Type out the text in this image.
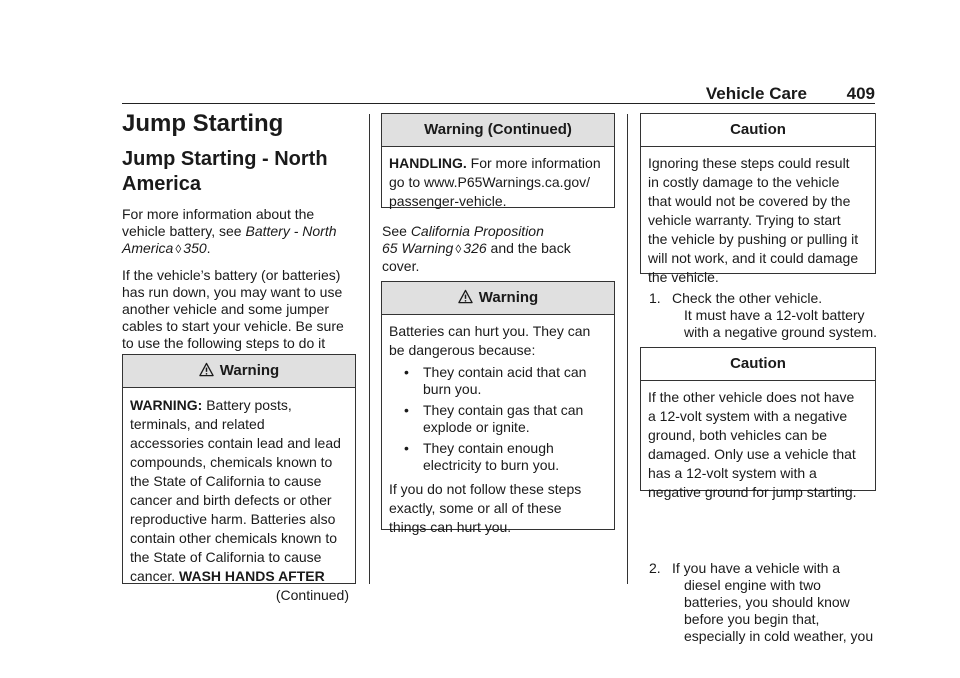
Vehicle Care 409
Jump Starting
Jump Starting - North
America

For more information about the
vehicle battery, see Battery - North
America ◊ 350.

If the vehicle’s battery (or batteries)
has run down, you may want to use
another vehicle and some jumper
cables to start your vehicle. Be sure
to use the following steps to do it

Warning
WARNING: Battery posts,
terminals, and related
accessories contain lead and lead
compounds, chemicals known to
the State of California to cause
cancer and birth defects or other
reproductive harm. Batteries also
contain other chemicals known to
the State of California to cause
cancer. WASH HANDS AFTER
(Continued)
Warning (Continued)
HANDLING. For more information
go to www.P65Warnings.ca.gov/
passenger-vehicle.
See California Proposition
65 Warning ◊ 326 and the back
cover.
Warning
Batteries can hurt you. They can
be dangerous because:
• They contain acid that can
burn you.
• They contain gas that can
explode or ignite.
• They contain enough
electricity to burn you.
If you do not follow these steps
exactly, some or all of these
things can hurt you.
Caution
Ignoring these steps could result
in costly damage to the vehicle
that would not be covered by the
vehicle warranty. Trying to start
the vehicle by pushing or pulling it
will not work, and it could damage
the vehicle.
1. Check the other vehicle.
It must have a 12-volt battery
with a negative ground system.
Caution
If the other vehicle does not have
a 12-volt system with a negative
ground, both vehicles can be
damaged. Only use a vehicle that
has a 12-volt system with a
negative ground for jump starting.
2. If you have a vehicle with a
diesel engine with two
batteries, you should know
before you begin that,
especially in cold weather, you
